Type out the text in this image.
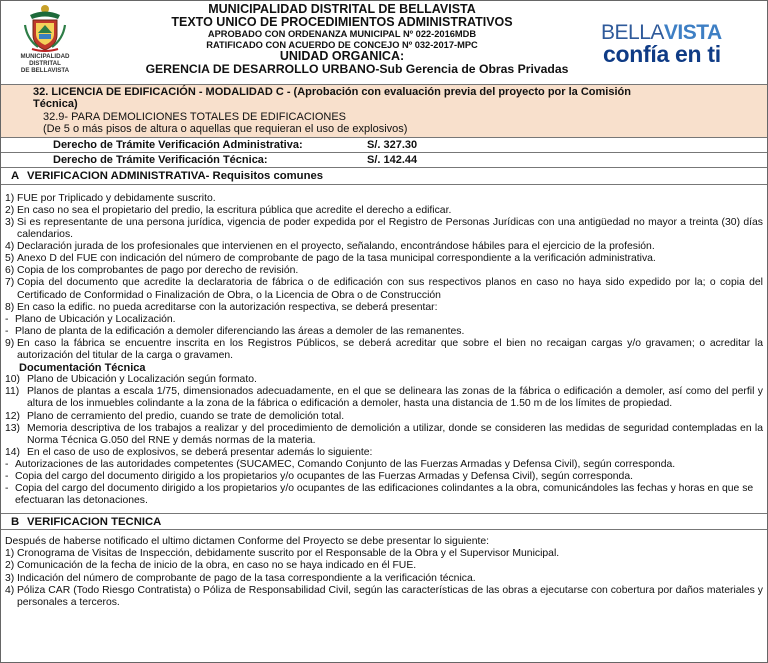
MUNICIPALIDAD DISTRITAL
DE BELLAVISTA
MUNICIPALIDAD DISTRITAL DE BELLAVISTA
TEXTO UNICO DE PROCEDIMIENTOS ADMINISTRATIVOS
APROBADO CON ORDENANZA MUNICIPAL Nº 022-2016MDB
RATIFICADO CON ACUERDO DE CONCEJO Nº 032-2017-MPC
UNIDAD ORGANICA:
GERENCIA DE DESARROLLO URBANO-Sub Gerencia de Obras Privadas
BELLAVISTA
confía en ti
32. LICENCIA DE EDIFICACIÓN - MODALIDAD C - (Aprobación con evaluación previa del proyecto por la Comisión
Técnica)
32.9- PARA DEMOLICIONES TOTALES DE EDIFICACIONES
(De 5 o más pisos de altura o aquellas que requieran el uso de explosivos)
Derecho de Trámite Verificación Administrativa:	S/. 327.30
Derecho de Trámite Verificación Técnica:	S/. 142.44
A VERIFICACION ADMINISTRATIVA- Requisitos comunes
1) FUE por Triplicado y debidamente suscrito.
2) En caso no sea el propietario del predio, la escritura pública que acredite el derecho a edificar.
3) Si es representante de una persona jurídica, vigencia de poder expedida por el Registro de Personas Jurídicas con una antigüedad no mayor a treinta (30) días calendarios.
4) Declaración jurada de los profesionales que intervienen en el proyecto, señalando, encontrándose hábiles para el ejercicio de la profesión.
5) Anexo D del FUE con indicación del número de comprobante de pago de la tasa municipal correspondiente a la verificación administrativa.
6) Copia de los comprobantes de pago por derecho de revisión.
7) Copia del documento que acredite la declaratoria de fábrica o de edificación con sus respectivos planos en caso no haya sido expedido por la; o copia del Certificado de Conformidad o Finalización de Obra, o la Licencia de Obra o de Construcción
8) En caso la edific. no pueda acreditarse con la autorización respectiva, se deberá presentar:
- Plano de Ubicación y Localización.
- Plano de planta de la edificación a demoler diferenciando las áreas a demoler de las remanentes.
9) En caso la fábrica se encuentre inscrita en los Registros Públicos, se deberá acreditar que sobre el bien no recaigan cargas y/o gravamen; o acreditar la autorización del titular de la carga o gravamen.
Documentación Técnica
10) Plano de Ubicación y Localización según formato.
11) Planos de plantas a escala 1/75, dimensionados adecuadamente, en el que se delineara las zonas de la fábrica o edificación a demoler, así como del perfil y altura de los inmuebles colindante a la zona de la fábrica o edificación a demoler, hasta una distancia de 1.50 m de los límites de propiedad.
12) Plano de cerramiento del predio, cuando se trate de demolición total.
13) Memoria descriptiva de los trabajos a realizar y del procedimiento de demolición a utilizar, donde se consideren las medidas de seguridad contempladas en la Norma Técnica G.050 del RNE y demás normas de la materia.
14) En el caso de uso de explosivos, se deberá presentar además lo siguiente:
- Autorizaciones de las autoridades competentes (SUCAMEC, Comando Conjunto de las Fuerzas Armadas y Defensa Civil), según corresponda.
- Copia del cargo del documento dirigido a los propietarios y/o ocupantes de las Fuerzas Armadas y Defensa Civil), según corresponda.
- Copia del cargo del documento dirigido a los propietarios y/o ocupantes de las edificaciones colindantes a la obra, comunicándoles las fechas y horas en que se efectuaran las detonaciones.
B VERIFICACION TECNICA
Después de haberse notificado el ultimo dictamen Conforme del Proyecto se debe presentar lo siguiente:
1) Cronograma de Visitas de Inspección, debidamente suscrito por el Responsable de la Obra y el Supervisor Municipal.
2) Comunicación de la fecha de inicio de la obra, en caso no se haya indicado en él FUE.
3) Indicación del número de comprobante de pago de la tasa correspondiente a la verificación técnica.
4) Póliza CAR (Todo Riesgo Contratista) o Póliza de Responsabilidad Civil, según las características de las obras a ejecutarse con cobertura por daños materiales y personales a terceros.
